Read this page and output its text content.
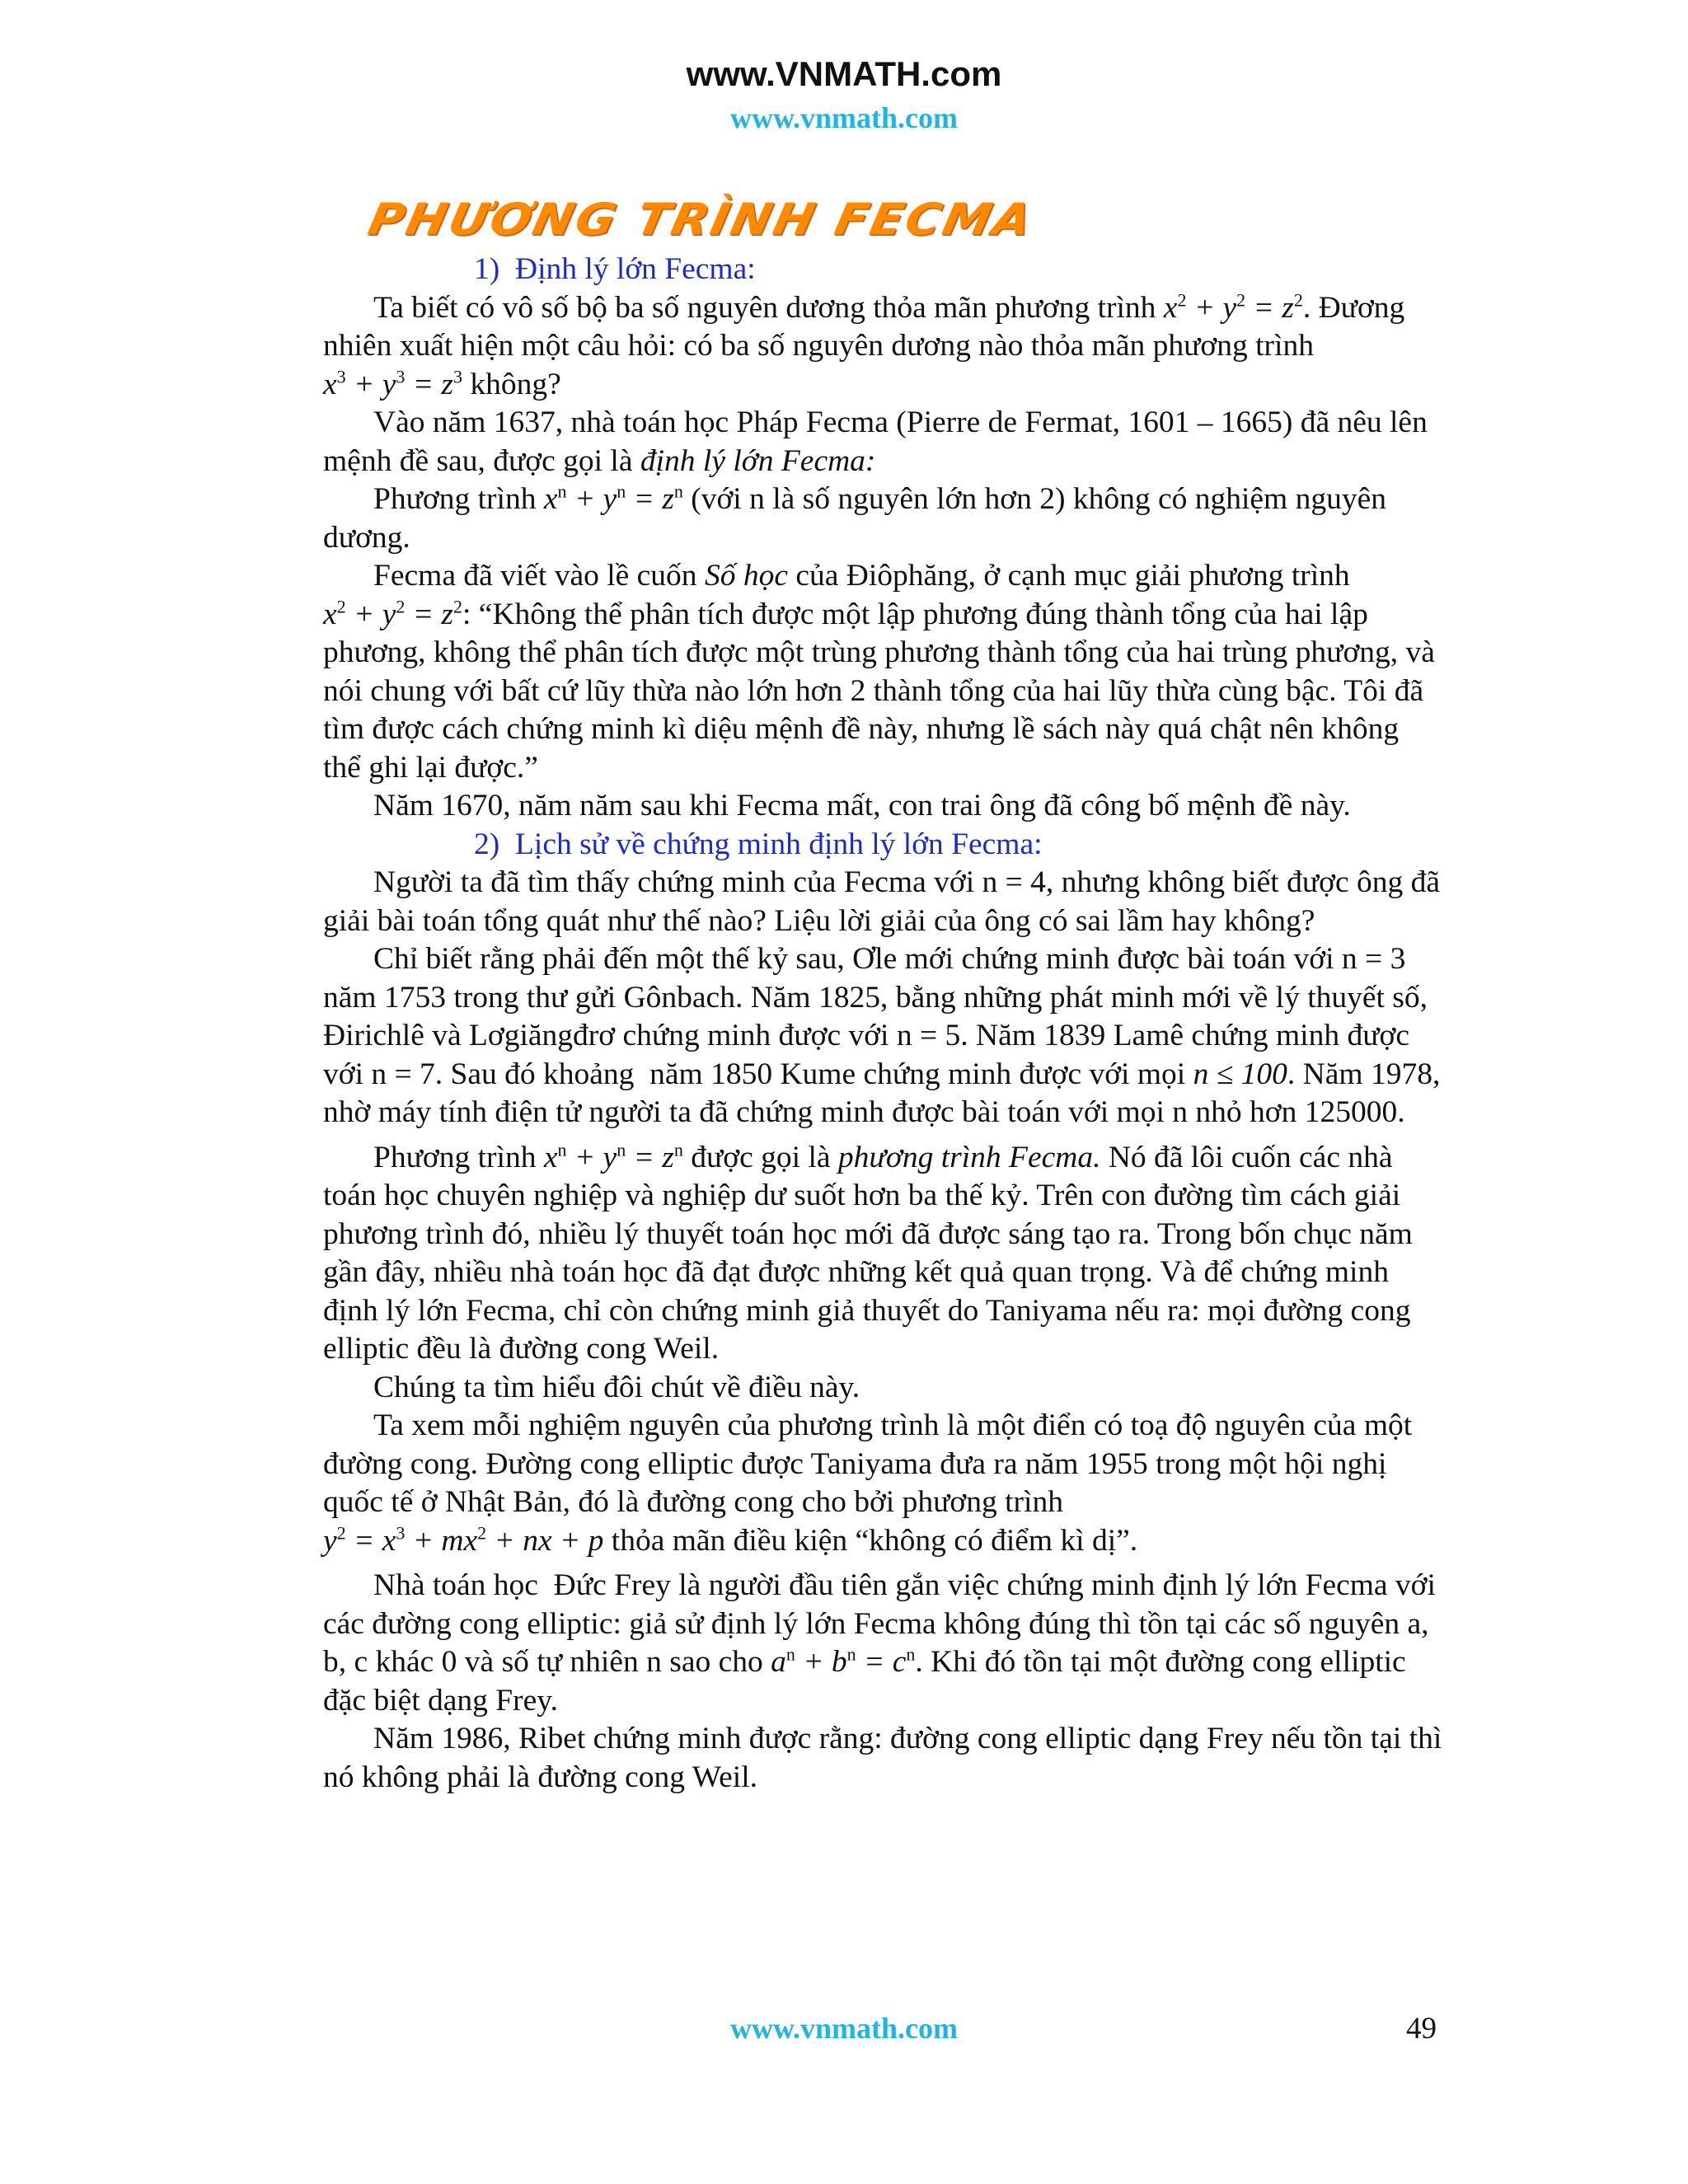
www.VNMATH.com
www.vnmath.com
PHƯƠNG TRÌNH FECMA
1)  Định lý lớn Fecma:

Ta biết có vô số bộ ba số nguyên dương thỏa mãn phương trình $x^2 + y^2 = z^2$. Đương nhiên xuất hiện một câu hỏi: có ba số nguyên dương nào thỏa mãn phương trình $x^3 + y^3 = z^3$ không?

Vào năm 1637, nhà toán học Pháp Fecma (Pierre de Fermat, 1601 – 1665) đã nêu lên mệnh đề sau, được gọi là định lý lớn Fecma:

Phương trình $x^n + y^n = z^n$ (với n là số nguyên lớn hơn 2) không có nghiệm nguyên dương.

Fecma đã viết vào lề cuốn Số học của Điôphăng, ở cạnh mục giải phương trình $x^2 + y^2 = z^2$: “Không thể phân tích được một lập phương đúng thành tổng của hai lập phương, không thể phân tích được một trùng phương thành tổng của hai trùng phương, và nói chung với bất cứ lũy thừa nào lớn hơn 2 thành tổng của hai lũy thừa cùng bậc. Tôi đã tìm được cách chứng minh kì diệu mệnh đề này, nhưng lề sách này quá chật nên không thể ghi lại được.”

Năm 1670, năm năm sau khi Fecma mất, con trai ông đã công bố mệnh đề này.

2)  Lịch sử về chứng minh định lý lớn Fecma:

Người ta đã tìm thấy chứng minh của Fecma với n = 4, nhưng không biết được ông đã giải bài toán tổng quát như thế nào? Liệu lời giải của ông có sai lầm hay không?

Chỉ biết rằng phải đến một thế kỷ sau, Ơle mới chứng minh được bài toán với n = 3 năm 1753 trong thư gửi Gônbach. Năm 1825, bằng những phát minh mới về lý thuyết số, Đirichlê và Lơgiăngđrơ chứng minh được với n = 5. Năm 1839 Lamê chứng minh được với n = 7. Sau đó khoảng  năm 1850 Kume chứng minh được với mọi n ≤ 100. Năm 1978, nhờ máy tính điện tử người ta đã chứng minh được bài toán với mọi n nhỏ hơn 125000.

Phương trình $x^n + y^n = z^n$ được gọi là phương trình Fecma. Nó đã lôi cuốn các nhà toán học chuyên nghiệp và nghiệp dư suốt hơn ba thế kỷ. Trên con đường tìm cách giải phương trình đó, nhiều lý thuyết toán học mới đã được sáng tạo ra. Trong bốn chục năm gần đây, nhiều nhà toán học đã đạt được những kết quả quan trọng. Và để chứng minh định lý lớn Fecma, chỉ còn chứng minh giả thuyết do Taniyama nếu ra: mọi đường cong elliptic đều là đường cong Weil.

Chúng ta tìm hiểu đôi chút về điều này.

Ta xem mỗi nghiệm nguyên của phương trình là một điển có toạ độ nguyên của một đường cong. Đường cong elliptic được Taniyama đưa ra năm 1955 trong một hội nghị quốc tế ở Nhật Bản, đó là đường cong cho bởi phương trình
$y^2 = x^3 + mx^2$ + nx + p thỏa mãn điều kiện “không có điểm kì dị”.

Nhà toán học  Đức Frey là người đầu tiên gắn việc chứng minh định lý lớn Fecma với các đường cong elliptic: giả sử định lý lớn Fecma không đúng thì tồn tại các số nguyên a, b, c khác 0 và số tự nhiên n sao cho $a^n + b^n = c^n$. Khi đó tồn tại một đường cong elliptic đặc biệt dạng Frey.

Năm 1986, Ribet chứng minh được rằng: đường cong elliptic dạng Frey nếu tồn tại thì nó không phải là đường cong Weil.

www.vnmath.com	49
